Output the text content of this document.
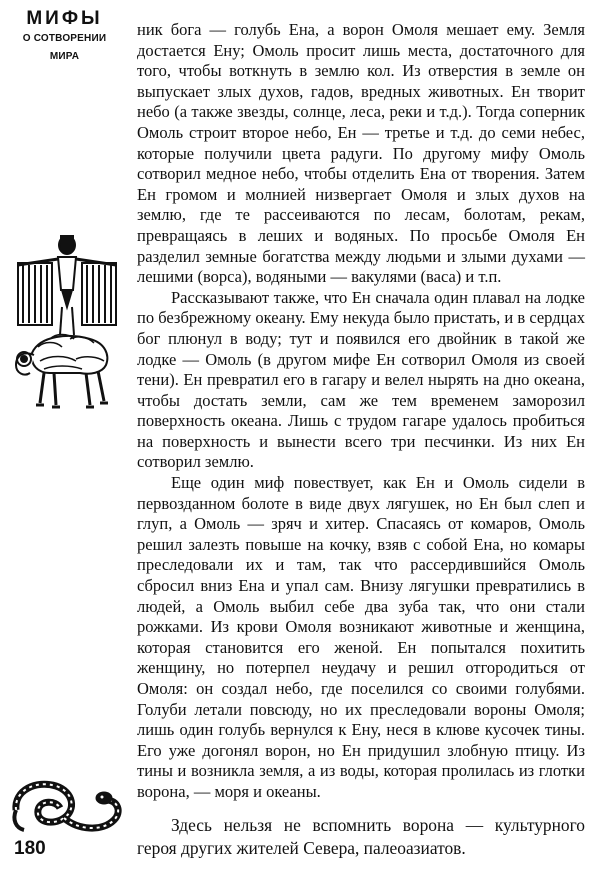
МИФЫ
О СОТВОРЕНИИ
МИРА
180

ник бога — голубь Ена, а ворон Омоля мешает ему. Земля достается Ену; Омоль просит лишь места, достаточного для того, чтобы воткнуть в землю кол. Из отверстия в земле он выпускает злых духов, гадов, вредных животных. Ен творит небо (а также звезды, солнце, леса, реки и т.д.). Тогда соперник Омоль строит второе небо, Ен — третье и т.д. до семи небес, которые получили цвета радуги. По другому мифу Омоль сотворил медное небо, чтобы отделить Ена от творения. Затем Ен громом и молнией низвергает Омоля и злых духов на землю, где те рассеиваются по лесам, болотам, рекам, превращаясь в леших и водяных. По просьбе Омоля Ен разделил земные богатства между людьми и злыми духами — лешими (ворса), водяными — вакулями (васа) и т.п.

Рассказывают также, что Ен сначала один плавал на лодке по безбрежному океану. Ему некуда было пристать, и в сердцах бог плюнул в воду; тут и появился его двойник в такой же лодке — Омоль (в другом мифе Ен сотворил Омоля из своей тени). Ен превратил его в гагару и велел нырять на дно океана, чтобы достать земли, сам же тем временем заморозил поверхность океана. Лишь с трудом гагаре удалось пробиться на поверхность и вынести всего три песчинки. Из них Ен сотворил землю.

Еще один миф повествует, как Ен и Омоль сидели в первозданном болоте в виде двух лягушек, но Ен был слеп и глуп, а Омоль — зряч и хитер. Спасаясь от комаров, Омоль решил залезть повыше на кочку, взяв с собой Ена, но комары преследовали их и там, так что рассердившийся Омоль сбросил вниз Ена и упал сам. Внизу лягушки превратились в людей, а Омоль выбил себе два зуба так, что они стали рожками. Из крови Омоля возникают животные и женщина, которая становится его женой. Ен попытался похитить женщину, но потерпел неудачу и решил отгородиться от Омоля: он создал небо, где поселился со своими голубями. Голуби летали повсюду, но их преследовали вороны Омоля; лишь один голубь вернулся к Ену, неся в клюве кусочек тины. Его уже догонял ворон, но Ен придушил злобную птицу. Из тины и возникла земля, а из воды, которая пролилась из глотки ворона, — моря и океаны.

Здесь нельзя не вспомнить ворона — культурного героя других жителей Севера, палеоазиатов.
